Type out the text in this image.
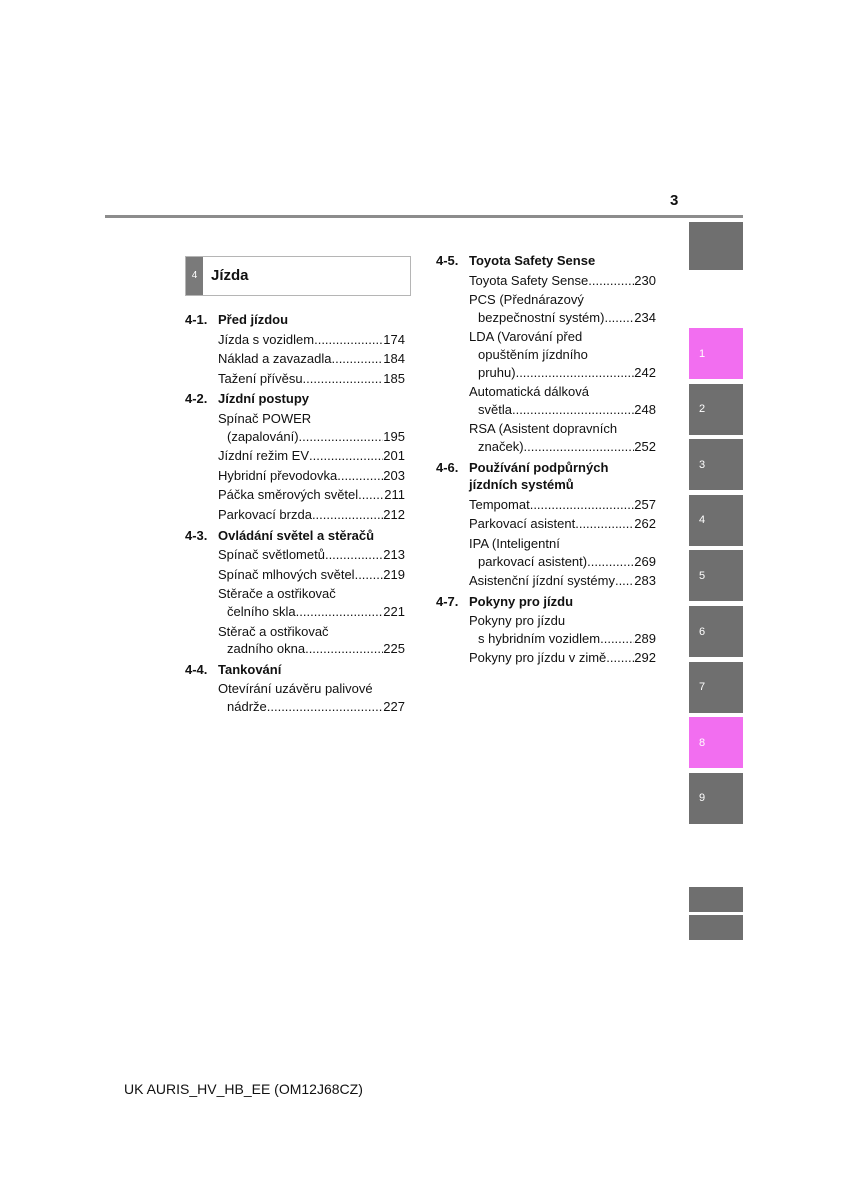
3
4 Jízda
4-1. Před jízdou
Jízda s vozidlem .....	174
Náklad a zavazadla .....	184
Tažení přívěsu .....	185
4-2. Jízdní postupy
Spínač POWER
(zapalování) .....	195
Jízdní režim EV .....	201
Hybridní převodovka .....	203
Páčka směrových světel ..... 211
Parkovací brzda .....	212
4-3. Ovládání světel a stěračů
Spínač světlometů .....	213
Spínač mlhových světel ..... 219
Stěrače a ostřikovač
čelního skla .....	221
Stěrač a ostřikovač
zadního okna .....	225
4-4. Tankování
Otevírání uzávěru palivové
nádrže .....	227
4-5. Toyota Safety Sense
Toyota Safety Sense .....	230
PCS (Přednárazový
bezpečnostní systém) ..... 234
LDA (Varování před
opuštěním jízdního
pruhu) .....	242
Automatická dálková
světla .....	248
RSA (Asistent dopravních
značek) .....	252
4-6. Používání podpůrných jízdních systémů
Tempomat .....	257
Parkovací asistent .....	262
IPA (Inteligentní
parkovací asistent) .....	269
Asistenční jízdní systémy ..... 283
4-7. Pokyny pro jízdu
Pokyny pro jízdu
s hybridním vozidlem .....	289
Pokyny pro jízdu v zimě ..... 292
1
2
3
4
5
6
7
8
9
UK AURIS_HV_HB_EE (OM12J68CZ)
